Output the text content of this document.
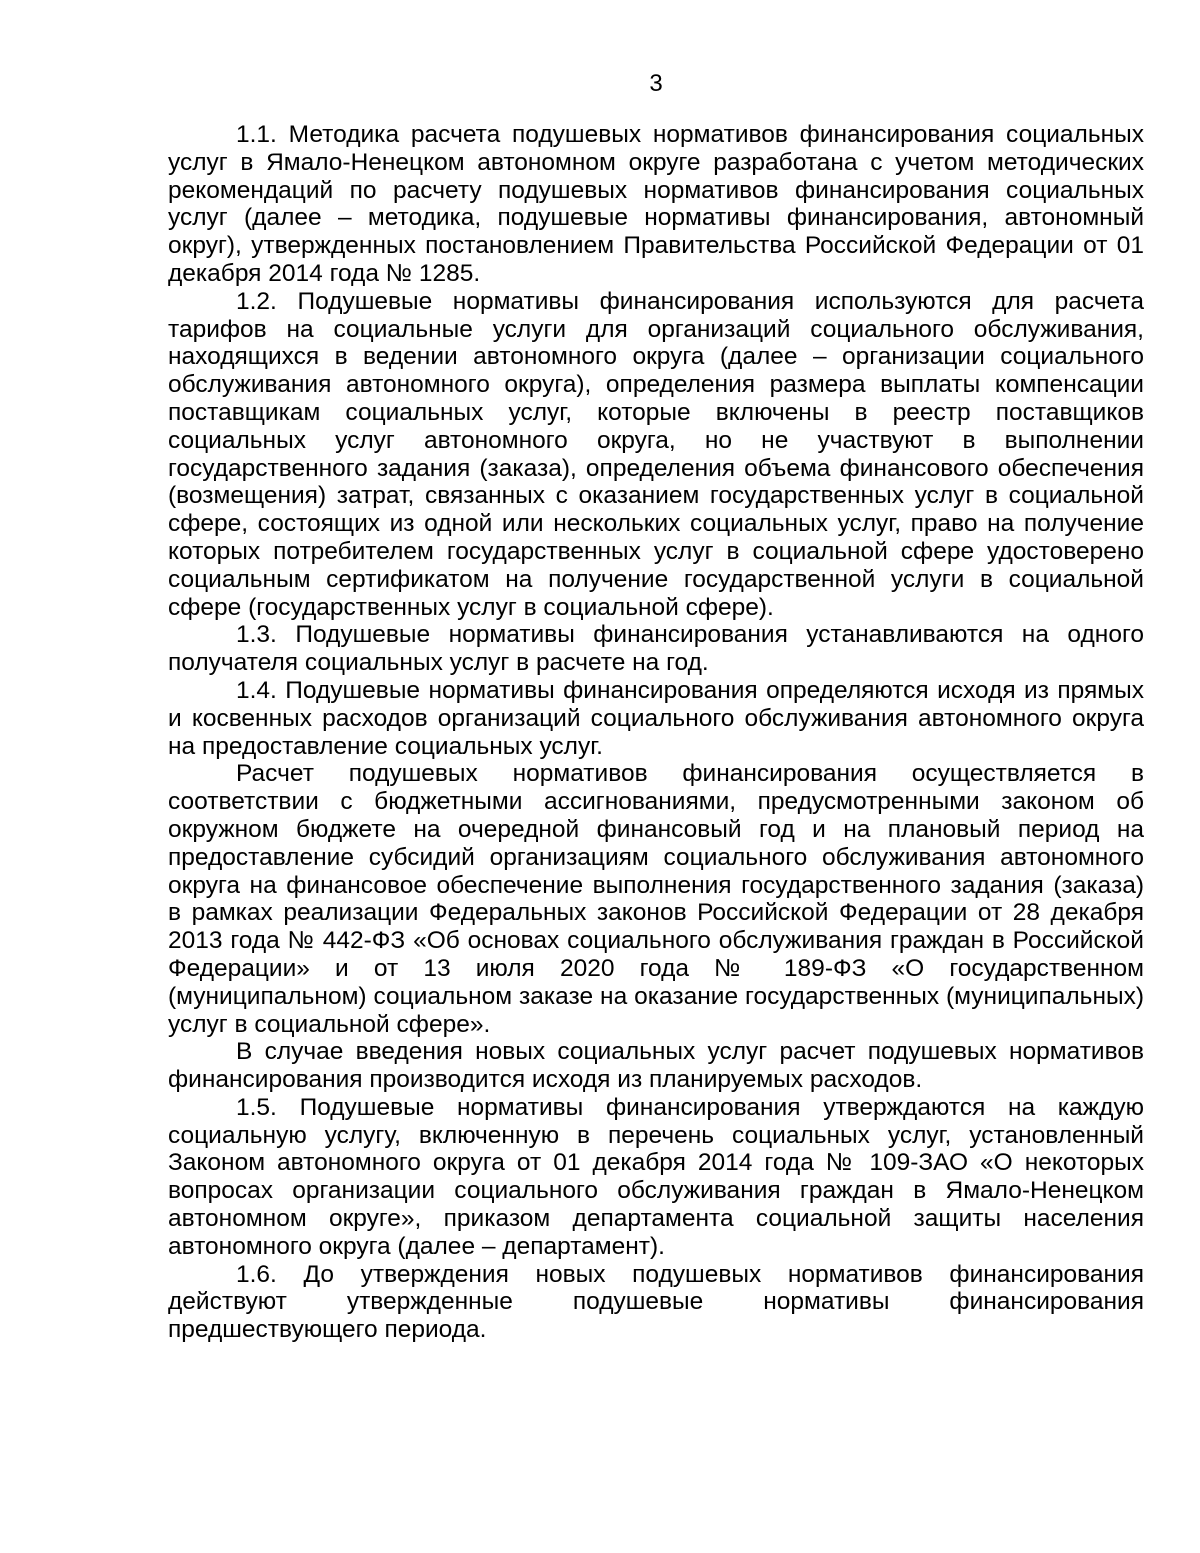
3

1.1. Методика расчета подушевых нормативов финансирования социальных услуг в Ямало-Ненецком автономном округе разработана с учетом методических рекомендаций по расчету подушевых нормативов финансирования социальных услуг (далее – методика, подушевые нормативы финансирования, автономный округ), утвержденных постановлением Правительства Российской Федерации от 01 декабря 2014 года № 1285.

1.2. Подушевые нормативы финансирования используются для расчета тарифов на социальные услуги для организаций социального обслуживания, находящихся в ведении автономного округа (далее – организации социального обслуживания автономного округа), определения размера выплаты компенсации поставщикам социальных услуг, которые включены в реестр поставщиков социальных услуг автономного округа, но не участвуют в выполнении государственного задания (заказа), определения объема финансового обеспечения (возмещения) затрат, связанных с оказанием государственных услуг в социальной сфере, состоящих из одной или нескольких социальных услуг, право на получение которых потребителем государственных услуг в социальной сфере удостоверено социальным сертификатом на получение государственной услуги в социальной сфере (государственных услуг в социальной сфере).

1.3. Подушевые нормативы финансирования устанавливаются на одного получателя социальных услуг в расчете на год.

1.4. Подушевые нормативы финансирования определяются исходя из прямых и косвенных расходов организаций социального обслуживания автономного округа на предоставление социальных услуг.

Расчет подушевых нормативов финансирования осуществляется в соответствии с бюджетными ассигнованиями, предусмотренными законом об окружном бюджете на очередной финансовый год и на плановый период на предоставление субсидий организациям социального обслуживания автономного округа на финансовое обеспечение выполнения государственного задания (заказа) в рамках реализации Федеральных законов Российской Федерации от 28 декабря 2013 года № 442-ФЗ «Об основах социального обслуживания граждан в Российской Федерации» и от 13 июля 2020 года № 189-ФЗ «О государственном (муниципальном) социальном заказе на оказание государственных (муниципальных) услуг в социальной сфере».

В случае введения новых социальных услуг расчет подушевых нормативов финансирования производится исходя из планируемых расходов.

1.5. Подушевые нормативы финансирования утверждаются на каждую социальную услугу, включенную в перечень социальных услуг, установленный Законом автономного округа от 01 декабря 2014 года № 109-ЗАО «О некоторых вопросах организации социального обслуживания граждан в Ямало-Ненецком автономном округе», приказом департамента социальной защиты населения автономного округа (далее – департамент).

1.6. До утверждения новых подушевых нормативов финансирования действуют утвержденные подушевые нормативы финансирования предшествующего периода.
